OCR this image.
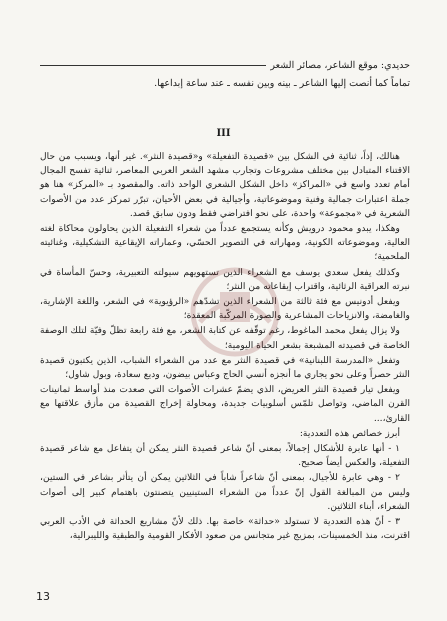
حديدي: موقع الشاعر، مصائر الشعر
تماماً كما أنصت إليها الشاعر ـ بينه وبين نفسه ـ عند ساعة إبداعها.
III

هنالك، إذاً، ثنائية في الشكل بين «قصيدة التفعيلة» و«قصيدة النثر». غير أنها، ويسبب من حال الاقتناء المتبادل بين مختلف مشروعات وتجارب مشهد الشعر العربي المعاصر، ثنائية تفسح المجال أمام تعدد واسع في «المراكز» داخل الشكل الشعري الواحد ذاته. والمقصود بـ «المركز» هنا هو جملة اعتبارات جمالية وفنية وموضوعاتية، وأجيالية في بعض الأحيان، تبرّر تمركز عدد من الأصوات الشعرية في «مجموعة» واحدة، على نحو افتراضي فقط ودون سابق قصد.

وهكذا، يبدو محمود درويش وكأنه يستجمع عدداً من شعراء التفعيلة الذين يحاولون محاكاة لغته العالية، وموضوعاته الكونية، ومهاراته في التصوير الحسّي، وعماراته الإيقاعية التشكيلية، وغنائيته الملحمية؛

وكذلك يفعل سعدي يوسف مع الشعراء الذين تستهويهم سيولته التعبيرية، وحسّ المأساة في نبرته العراقية الرثائية، واقتراب إيقاعاته من النثر؛

ويفعل أدونيس مع فئة ثالثة من الشعراء الذين تشدّهم «الرؤيوية» في الشعر، واللغة الإشارية، والغامضة، والانزياحات المشاعرية والصورة المركّبة المعقدة؛

ولا يزال يفعل محمد الماغوط، رغم توقّفه عن كتابة الشعر، مع فئة رابعة تظلّ وفيّة لتلك الوصفة الخاصة في قصيدته المشبعة بشعر الحياة اليومية؛

وتفعل «المدرسة اللبنانية» في قصيدة النثر مع عدد من الشعراء الشباب، الذين يكتبون قصيدة النثر حصراً وعلى نحو يجاري ما أنجزه أنسي الحاج وعباس بيضون، وديع سعادة، وبول شاول؛

ويفعل تيار قصيدة النثر العريض، الذي يضمّ عشرات الأصوات التي صعدت منذ أواسط ثمانينات القرن الماضي، وتواصل تلمّس أسلوبيات جديدة، ومحاولة إخراج القصيدة من مأزق علاقتها مع القارئ،...

أبرز خصائص هذه التعددية:

١ - أنها عابرة للأشكال إجمالاً، بمعنى أنّ شاعر قصيدة النثر يمكن أن يتفاعل مع شاعر قصيدة التفعيلة، والعكس أيضاً صحيح.

٢ - وهي عابرة للأجيال، بمعنى أنّ شاعراً شاباً في الثلاثين يمكن أن يتأثر بشاعر في الستين، وليس من المبالغة القول إنّ عدداً من الشعراء الستينيين يتصنتون باهتمام كبير إلى أصوات الشعراء، أبناء الثلاثين.

٣ - أنّ هذه التعددية لا تستولد «حداثة» خاصة بها. ذلك لأنّ مشاريع الحداثة في الأدب العربي اقترنت، منذ الخمسينات، بمزيج غير متجانس من صعود الأفكار القومية والطبقية والليبرالية،

13
